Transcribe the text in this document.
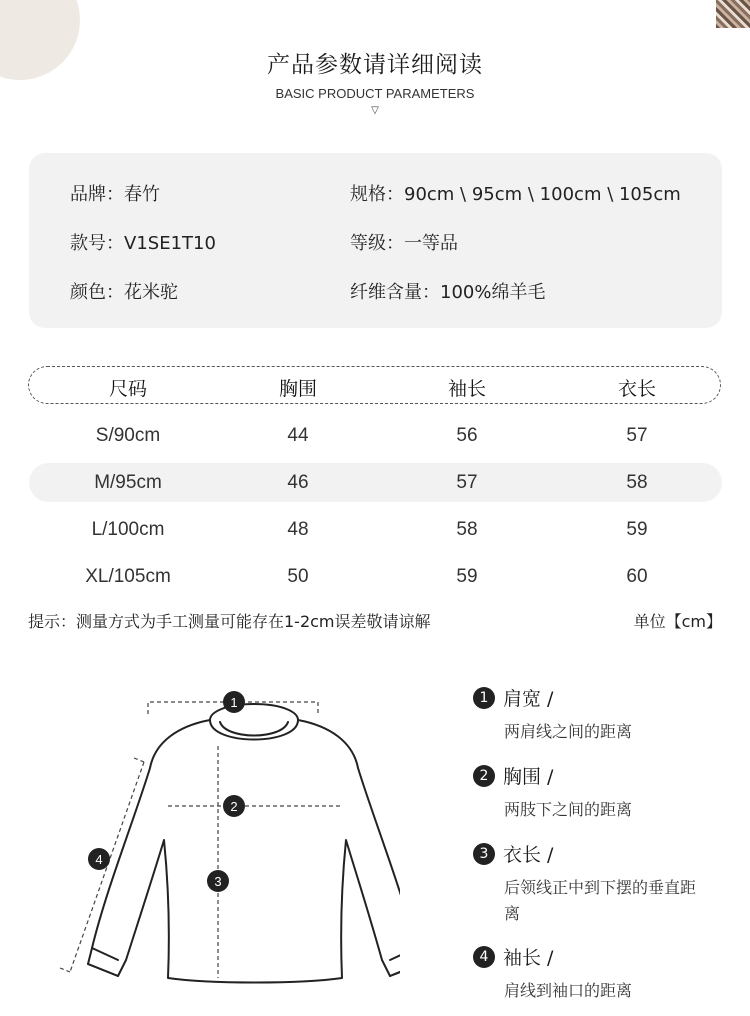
产品参数请详细阅读
BASIC PRODUCT PARAMETERS
▽
品牌：春竹	规格：90cm \ 95cm \ 100cm \ 105cm
款号：V1SE1T10	等级：一等品
颜色：花米驼	纤维含量：100%绵羊毛
尺码	胸围	袖长	衣长
S/90cm	44	56	57
M/95cm	46	57	58
L/100cm	48	58	59
XL/105cm	50	59	60
提示：测量方式为手工测量可能存在1-2cm误差敬请谅解	单位【cm】
1
2
3
4
1 肩宽 /
两肩线之间的距离
2 胸围 /
两肢下之间的距离
3 衣长 /
后领线正中到下摆的垂直距离
4 袖长 /
肩线到袖口的距离
